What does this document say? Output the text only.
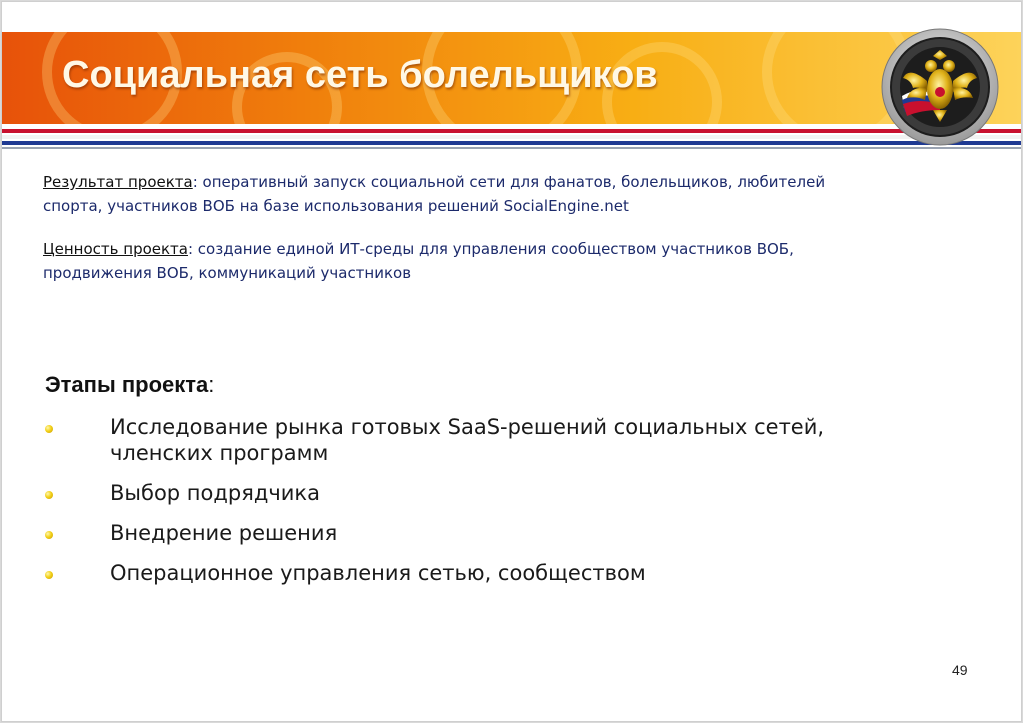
Социальная сеть болельщиков
Результат проекта: оперативный запуск социальной сети для фанатов, болельщиков, любителей спорта, участников ВОБ на базе использования решений SocialEngine.net
Ценность проекта: создание единой ИТ-среды для управления сообществом участников ВОБ, продвижения ВОБ, коммуникаций участников
Этапы проекта:
Исследование рынка готовых SaaS-решений социальных сетей, членских программ
Выбор подрядчика
Внедрение решения
Операционное управления сетью, сообществом
49
